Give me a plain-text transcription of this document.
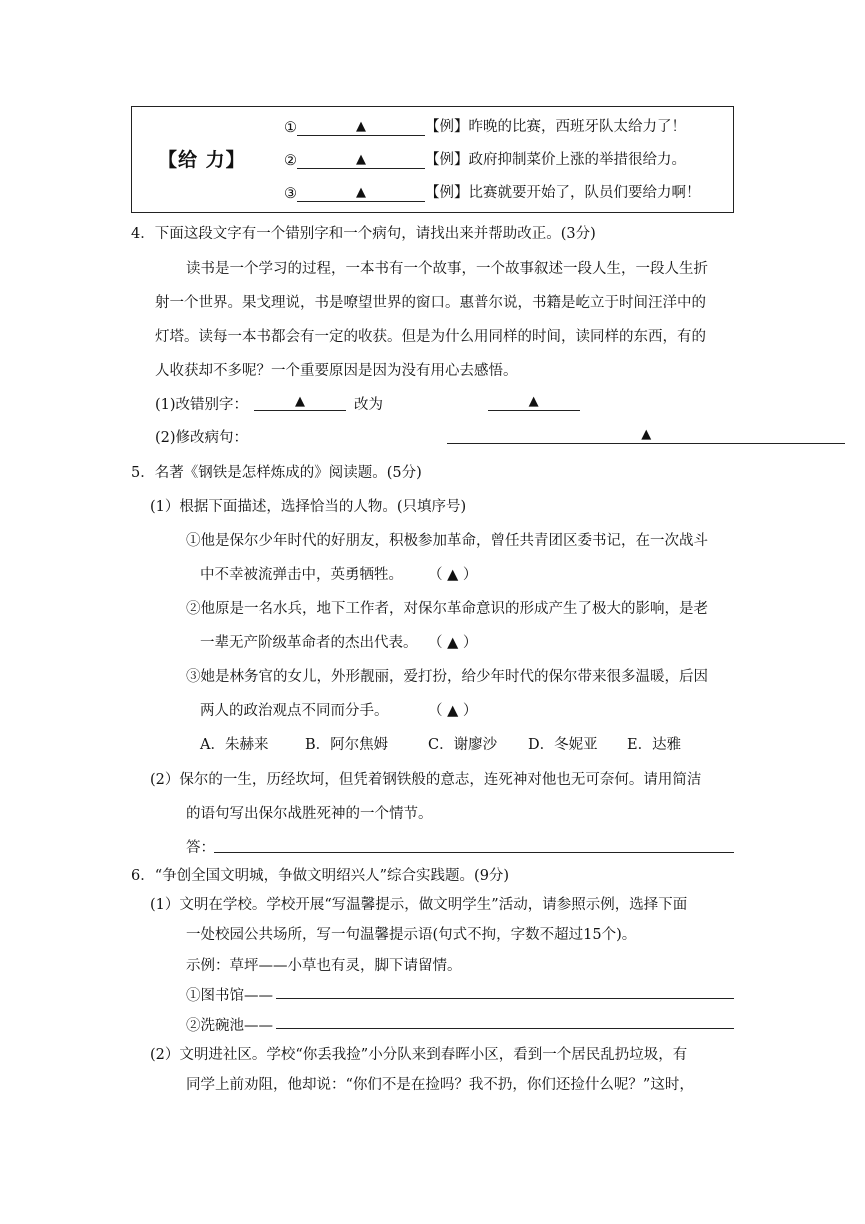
【给 力】
①	▲	【例】昨晚的比赛，西班牙队太给力了！
②	▲	【例】政府抑制菜价上涨的举措很给力。
③	▲	【例】比赛就要开始了，队员们要给力啊！
4．下面这段文字有一个错别字和一个病句，请找出来并帮助改正。(3分)
读书是一个学习的过程，一本书有一个故事，一个故事叙述一段人生，一段人生折
射一个世界。果戈理说，书是嘹望世界的窗口。惠普尔说，书籍是屹立于时间汪洋中的
灯塔。读每一本书都会有一定的收获。但是为什么用同样的时间，读同样的东西，有的
人收获却不多呢？一个重要原因是因为没有用心去感悟。
(1)改错别字：	▲	改为	▲
(2)修改病句：	▲
5．名著《钢铁是怎样炼成的》阅读题。(5分)
(1）根据下面描述，选择恰当的人物。(只填序号)
①他是保尔少年时代的好朋友，积极参加革命，曾任共青团区委书记，在一次战斗
中不幸被流弹击中，英勇牺牲。 （ ▲ ）
②他原是一名水兵，地下工作者，对保尔革命意识的形成产生了极大的影响，是老
一辈无产阶级革命者的杰出代表。 （ ▲ ）
③她是林务官的女儿，外形靓丽，爱打扮，给少年时代的保尔带来很多温暖，后因
两人的政治观点不同而分手。	（ ▲ ）
A．朱赫来	B．阿尔焦姆	C．谢廖沙 D．冬妮亚 E．达雅
(2）保尔的一生，历经坎坷，但凭着钢铁般的意志，连死神对他也无可奈何。请用简洁
的语句写出保尔战胜死神的一个情节。
答：
6．“争创全国文明城，争做文明绍兴人”综合实践题。(9分)
(1）文明在学校。学校开展“写温馨提示，做文明学生”活动，请参照示例，选择下面
一处校园公共场所，写一句温馨提示语(句式不拘，字数不超过15个)。
示例：草坪——小草也有灵，脚下请留情。
①图书馆——
②洗碗池——
(2）文明进社区。学校“你丢我捡”小分队来到春晖小区，看到一个居民乱扔垃圾，有
同学上前劝阻，他却说：“你们不是在捡吗？我不扔，你们还捡什么呢？”这时，
